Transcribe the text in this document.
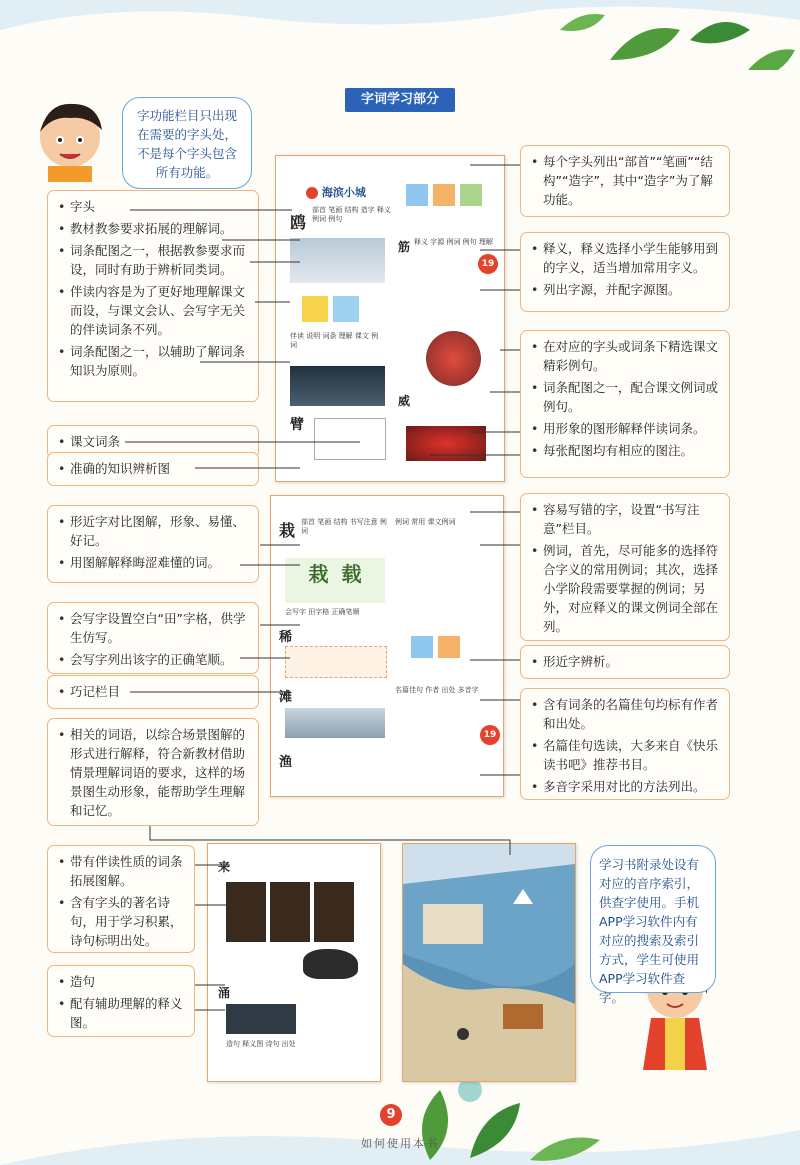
字词学习部分
字功能栏目只出现在需要的字头处，不是每个字头包含所有功能。
学习书附录处设有对应的音序索引，供查字使用。手机APP学习软件内有对应的搜索及索引方式，学生可使用APP学习软件查字。
海滨小城
鸥
部首 笔画 结构 造字 释义 例词 例句

伴读 说明 词条 理解 课文 例词
臂

筋 释义 字源 例词 例句 理解
威
19
栽 部首 笔画 结构 书写注意 例词
栽 载
会写字 田字格 正确笔顺
稀
滩
渔
例词 常用 课文例词

名篇佳句 作者 出处 多音字
19
来
涌
造句 释义图 诗句 出处
• 字头
• 教材教参要求拓展的理解词。
• 词条配图之一，根据教参要求而设，同时有助于辨析同类词。
• 伴读内容是为了更好地理解课文而设，与课文会认、会写字无关的伴读词条不列。
• 词条配图之一，以辅助了解词条知识为原则。
• 课文词条
• 准确的知识辨析图
• 形近字对比图解，形象、易懂、好记。
• 用图解解释晦涩难懂的词。
• 会写字设置空白“田”字格，供学生仿写。
• 会写字列出该字的正确笔顺。
• 巧记栏目
• 相关的词语，以综合场景图解的形式进行解释，符合新教材借助情景理解词语的要求，这样的场景图生动形象，能帮助学生理解和记忆。
• 带有伴读性质的词条拓展图解。
• 含有字头的著名诗句，用于学习积累，诗句标明出处。
• 造句
• 配有辅助理解的释义图。
• 每个字头列出“部首”“笔画”“结构”“造字”，其中“造字”为了解功能。
• 释义，释义选择小学生能够用到的字义，适当增加常用字义。
• 列出字源，并配字源图。
• 在对应的字头或词条下精选课文精彩例句。
• 词条配图之一，配合课文例词或例句。
• 用形象的图形解释伴读词条。
• 每张配图均有相应的图注。
• 容易写错的字，设置“书写注意”栏目。
• 例词，首先，尽可能多的选择符合字义的常用例词；其次，选择小学阶段需要掌握的例词；另外，对应释义的课文例词全部在列。
• 形近字辨析。
• 含有词条的名篇佳句均标有作者和出处。
• 名篇佳句选读，大多来自《快乐读书吧》推荐书目。
• 多音字采用对比的方法列出。
9
如何使用本书
